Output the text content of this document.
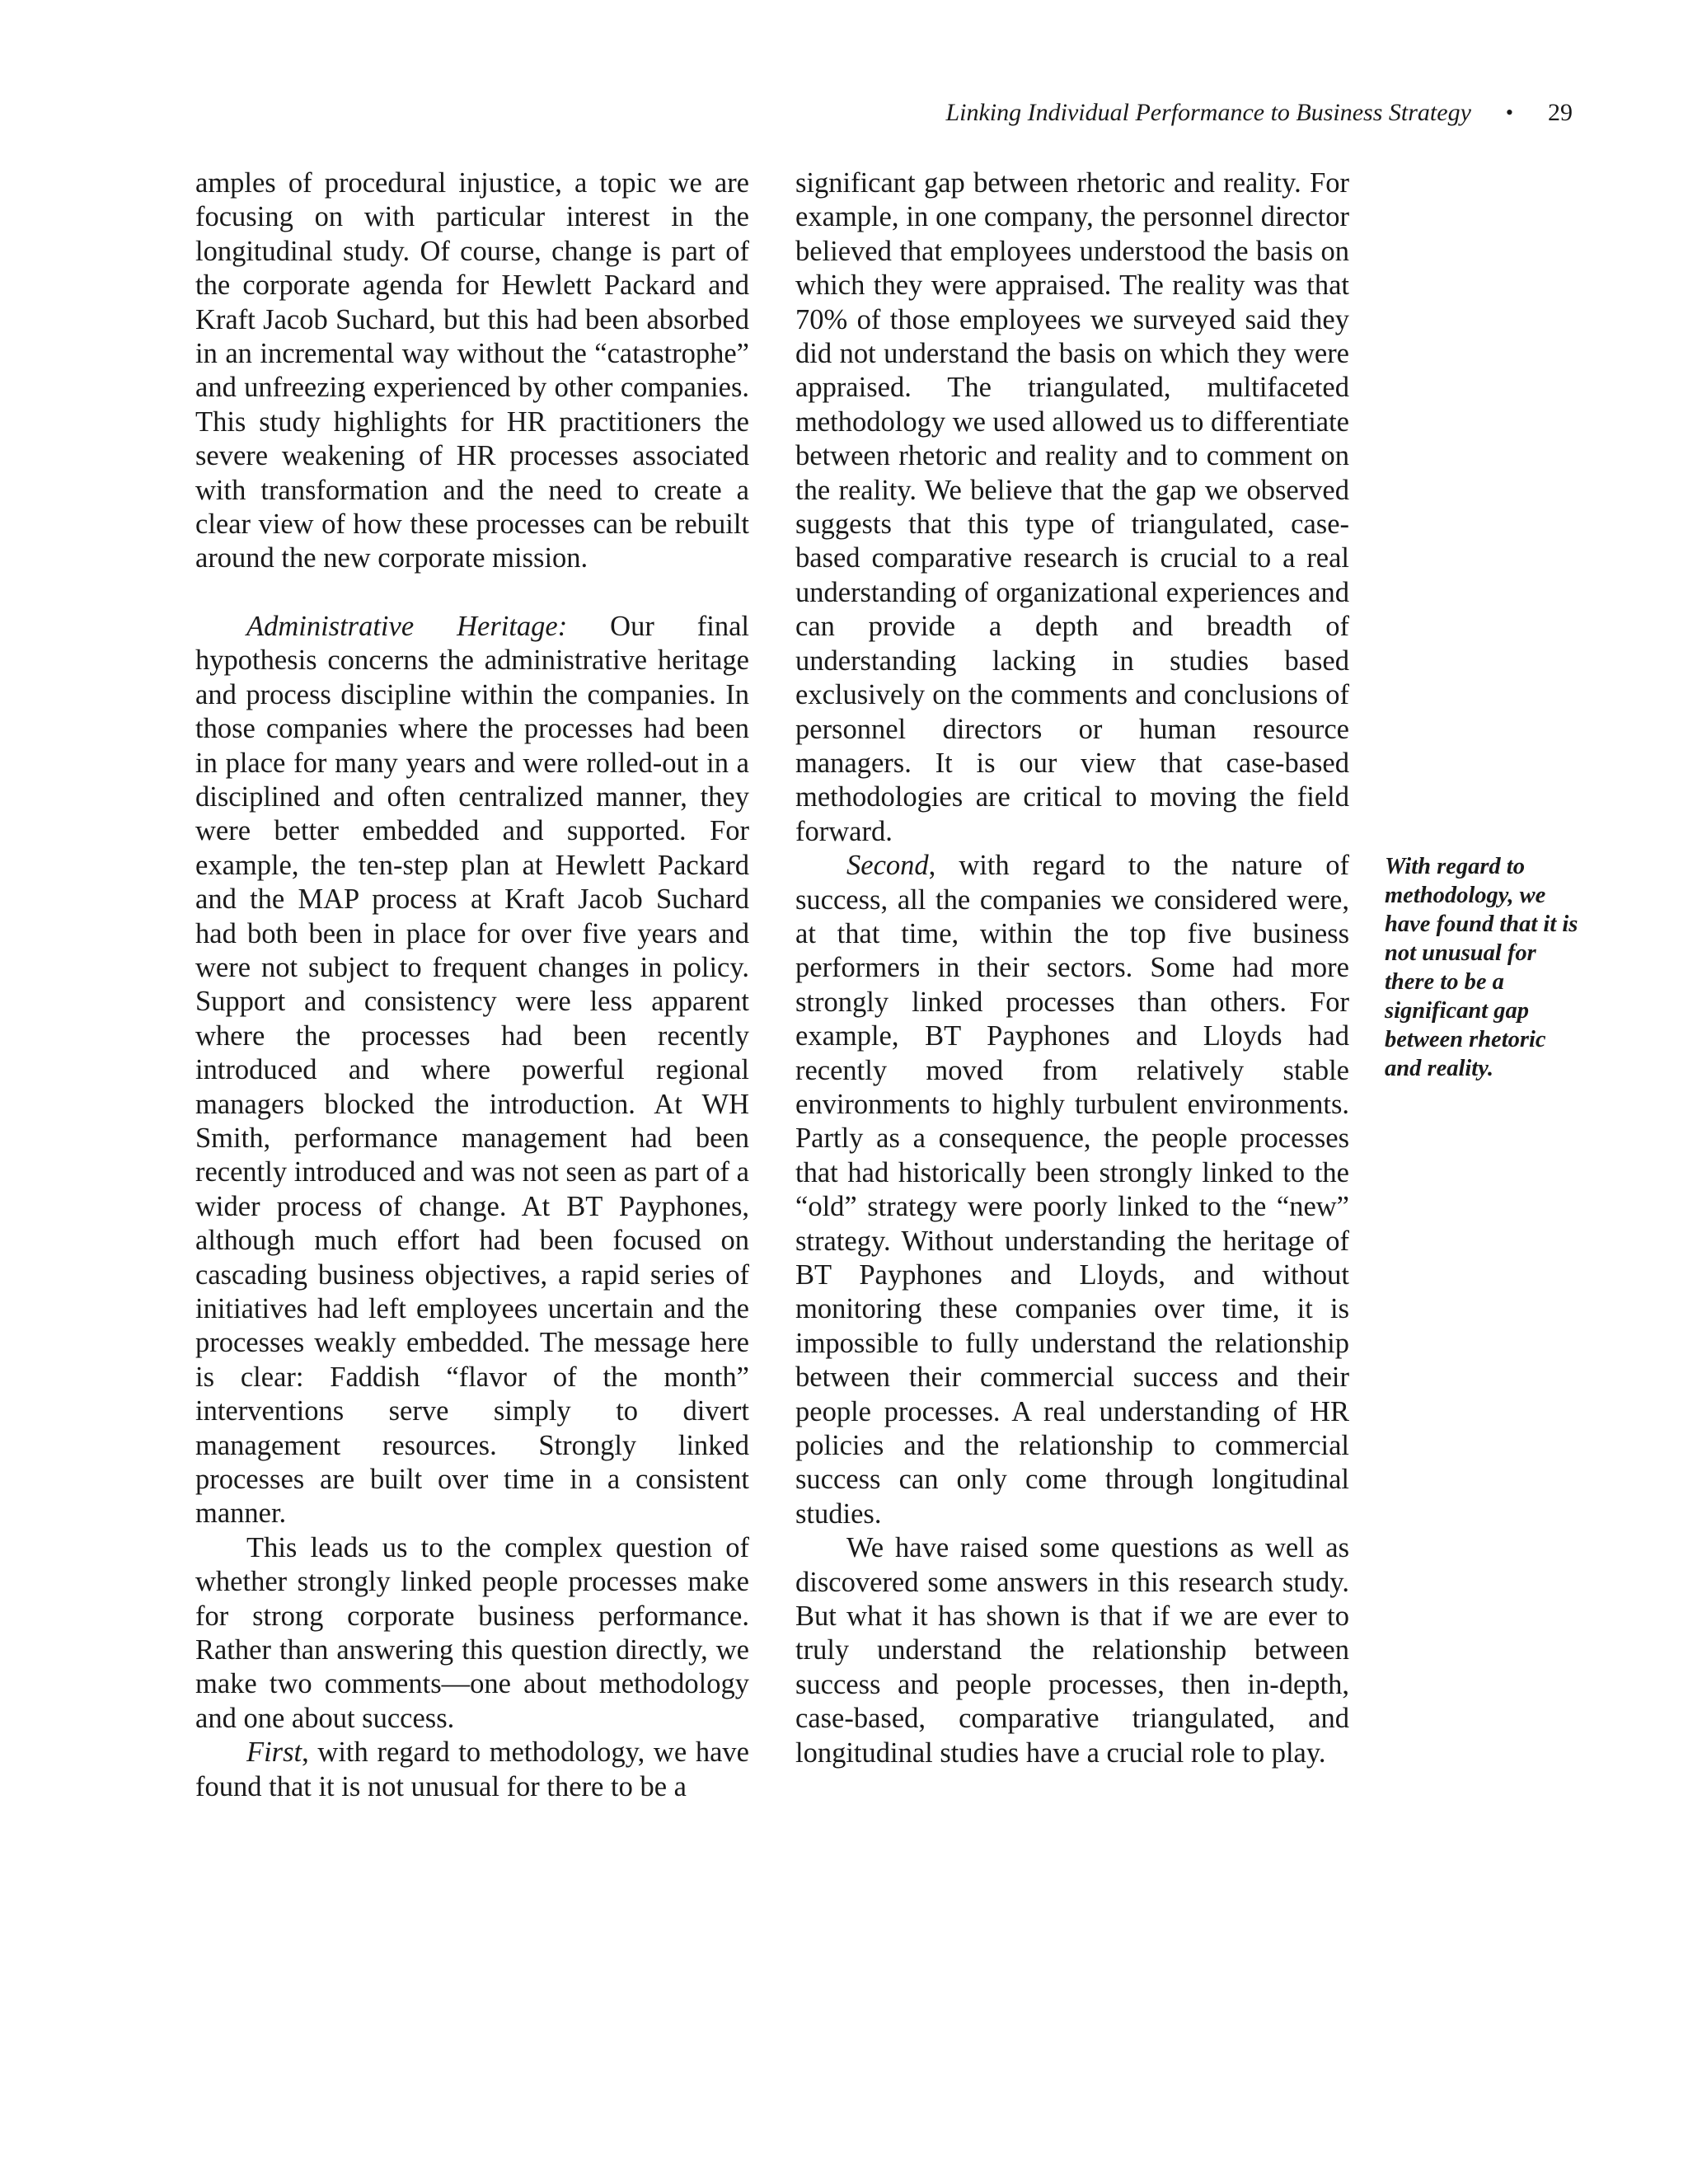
Linking Individual Performance to Business Strategy • 29

amples of procedural injustice, a topic we are focusing on with particular interest in the longitudinal study. Of course, change is part of the corporate agenda for Hewlett Packard and Kraft Jacob Suchard, but this had been absorbed in an incremental way without the “catastrophe” and unfreezing experienced by other companies. This study highlights for HR practitioners the severe weakening of HR processes associated with transformation and the need to create a clear view of how these processes can be rebuilt around the new corporate mission.

Administrative Heritage: Our final hypothesis concerns the administrative heritage and process discipline within the companies. In those companies where the processes had been in place for many years and were rolled-out in a disciplined and often centralized manner, they were better embedded and supported. For example, the ten-step plan at Hewlett Packard and the MAP process at Kraft Jacob Suchard had both been in place for over five years and were not subject to frequent changes in policy. Support and consistency were less apparent where the processes had been recently introduced and where powerful regional managers blocked the introduction. At WH Smith, performance management had been recently introduced and was not seen as part of a wider process of change. At BT Payphones, although much effort had been focused on cascading business objectives, a rapid series of initiatives had left employees uncertain and the processes weakly embedded. The message here is clear: Faddish “flavor of the month” interventions serve simply to divert management resources. Strongly linked processes are built over time in a consistent manner.

This leads us to the complex question of whether strongly linked people processes make for strong corporate business performance. Rather than answering this question directly, we make two comments—one about methodology and one about success.

First, with regard to methodology, we have found that it is not unusual for there to be a

significant gap between rhetoric and reality. For example, in one company, the personnel director believed that employees understood the basis on which they were appraised. The reality was that 70% of those employees we surveyed said they did not understand the basis on which they were appraised. The triangulated, multifaceted methodology we used allowed us to differentiate between rhetoric and reality and to comment on the reality. We believe that the gap we observed suggests that this type of triangulated, case-based comparative research is crucial to a real understanding of organizational experiences and can provide a depth and breadth of understanding lacking in studies based exclusively on the comments and conclusions of personnel directors or human resource managers. It is our view that case-based methodologies are critical to moving the field forward.

Second, with regard to the nature of success, all the companies we considered were, at that time, within the top five business performers in their sectors. Some had more strongly linked processes than others. For example, BT Payphones and Lloyds had recently moved from relatively stable environments to highly turbulent environments. Partly as a consequence, the people processes that had historically been strongly linked to the “old” strategy were poorly linked to the “new” strategy. Without understanding the heritage of BT Payphones and Lloyds, and without monitoring these companies over time, it is impossible to fully understand the relationship between their commercial success and their people processes. A real understanding of HR policies and the relationship to commercial success can only come through longitudinal studies.

We have raised some questions as well as discovered some answers in this research study. But what it has shown is that if we are ever to truly understand the relationship between success and people processes, then in-depth, case-based, comparative triangulated, and longitudinal studies have a crucial role to play.

With regard to methodology, we have found that it is not unusual for there to be a significant gap between rhetoric and reality.
